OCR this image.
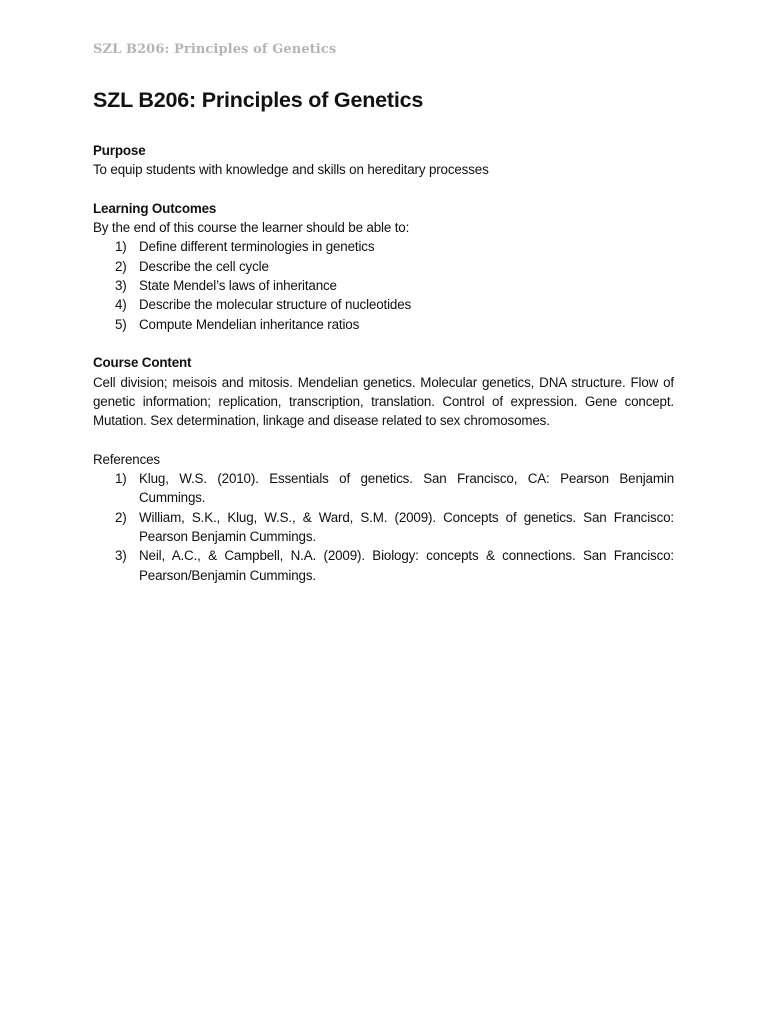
SZL B206: Principles of Genetics
SZL B206: Principles of Genetics

Purpose

To equip students with knowledge and skills on hereditary processes

Learning Outcomes

By the end of this course the learner should be able to:

1) Define different terminologies in genetics
2) Describe the cell cycle
3) State Mendel’s laws of inheritance
4) Describe the molecular structure of nucleotides
5) Compute Mendelian inheritance ratios

Course Content

Cell division; meisois and mitosis. Mendelian genetics. Molecular genetics, DNA structure. Flow of genetic information; replication, transcription, translation. Control of expression. Gene concept. Mutation. Sex determination, linkage and disease related to sex chromosomes.

References

1) Klug, W.S. (2010). Essentials of genetics. San Francisco, CA: Pearson Benjamin Cummings.
2) William, S.K., Klug, W.S., & Ward, S.M. (2009). Concepts of genetics. San Francisco: Pearson Benjamin Cummings.
3) Neil, A.C., & Campbell, N.A. (2009). Biology: concepts & connections. San Francisco: Pearson/Benjamin Cummings.
